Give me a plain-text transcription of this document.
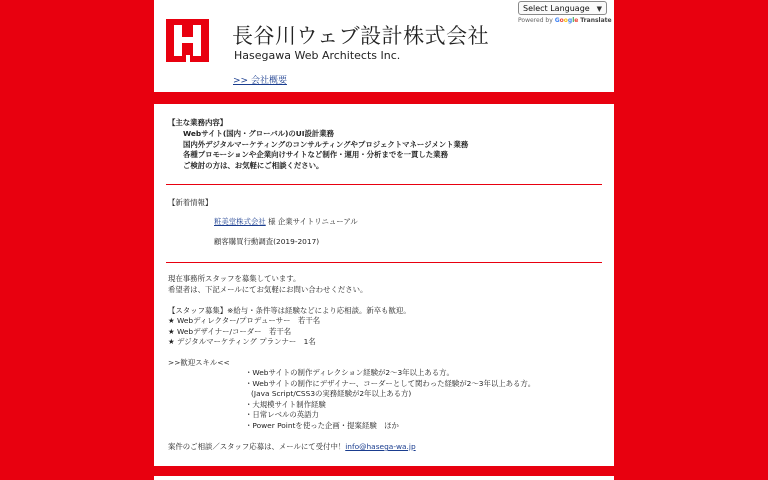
長谷川ウェブ設計株式会社
Hasegawa Web Architects Inc.
>> 会社概要
Select Language ▼
Powered by Google Translate
【主な業務内容】
Webサイト(国内・グローバル)のUI設計業務
国内外デジタルマーケティングのコンサルティングやプロジェクトマネージメント業務
各種プロモーションや企業向けサイトなど制作・運用・分析までを一貫した業務
ご検討の方は、お気軽にご相談ください。
【新着情報】
粧美堂株式会社 様 企業サイトリニューアル
顧客購買行動調査(2019-2017)
現在事務所スタッフを募集しています。
希望者は、下記メールにてお気軽にお問い合わせください。
【スタッフ募集】※給与・条件等は経験などにより応相談。新卒も歓迎。
★ Webディレクター/プロデューサー　若干名
★ Webデザイナー/コーダー　若干名
★ デジタルマーケティング プランナー　1名
>>歓迎スキル<<
・Webサイトの制作ディレクション経験が2〜3年以上ある方。
・Webサイトの制作にデザイナー、コーダーとして関わった経験が2〜3年以上ある方。
(Java Script/CSS3の実務経験が2年以上ある方)
・大規模サイト制作経験
・日常レベルの英語力
・Power Pointを使った企画・提案経験　ほか
案件のご相談／スタッフ応募は、メールにて受付中！info@hasega-wa.jp
